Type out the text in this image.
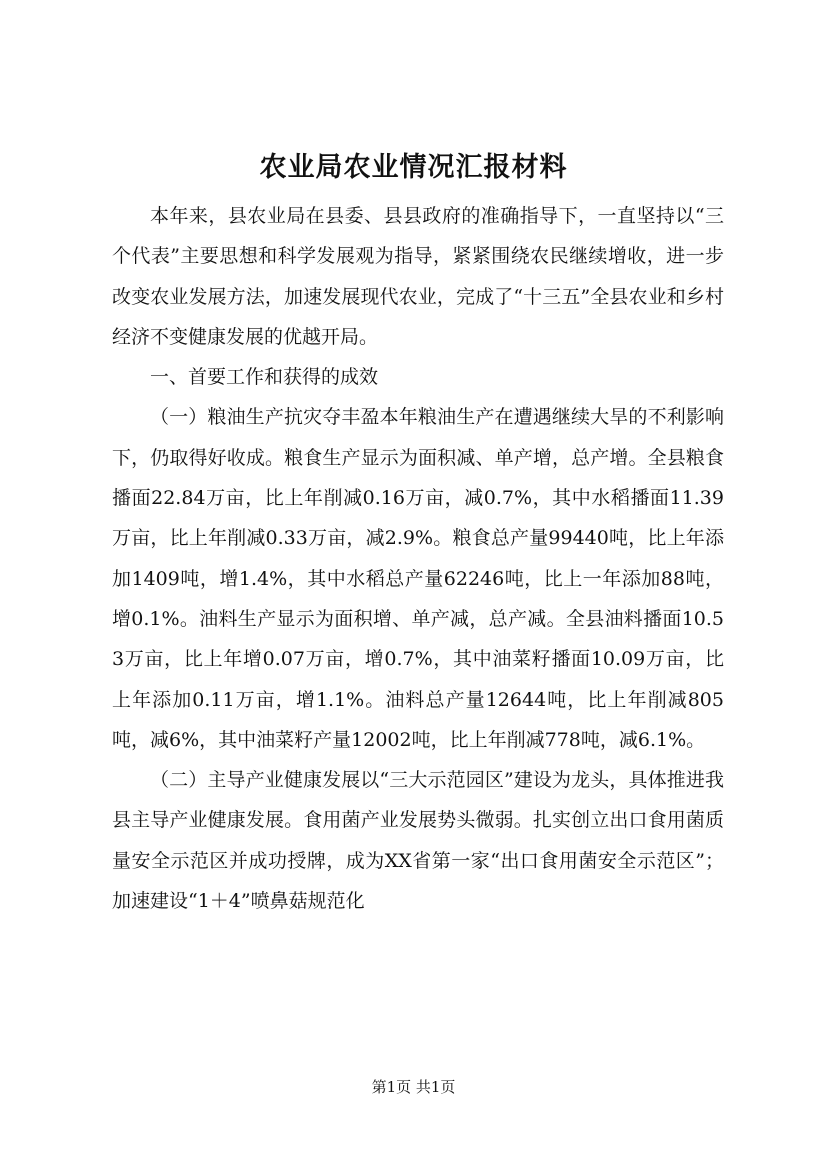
农业局农业情况汇报材料

本年来，县农业局在县委、县县政府的准确指导下，一直坚持以“三个代表”主要思想和科学发展观为指导，紧紧围绕农民继续增收，进一步改变农业发展方法，加速发展现代农业，完成了“十三五”全县农业和乡村经济不变健康发展的优越开局。

一、首要工作和获得的成效

（一）粮油生产抗灾夺丰盈本年粮油生产在遭遇继续大旱的不利影响下，仍取得好收成。粮食生产显示为面积减、单产增，总产增。全县粮食播面22.84万亩，比上年削减0.16万亩，减0.7%，其中水稻播面11.39万亩，比上年削减0.33万亩，减2.9%。粮食总产量99440吨，比上年添加1409吨，增1.4%，其中水稻总产量62246吨，比上一年添加88吨，增0.1%。油料生产显示为面积增、单产减，总产减。全县油料播面10.53万亩，比上年增0.07万亩，增0.7%，其中油菜籽播面10.09万亩，比上年添加0.11万亩，增1.1%。油料总产量12644吨，比上年削减805吨，减6%，其中油菜籽产量12002吨，比上年削减778吨，减6.1%。

（二）主导产业健康发展以“三大示范园区”建设为龙头，具体推进我县主导产业健康发展。食用菌产业发展势头微弱。扎实创立出口食用菌质量安全示范区并成功授牌，成为XX省第一家“出口食用菌安全示范区”；加速建设“1＋4”喷鼻菇规范化

第1页 共1页
